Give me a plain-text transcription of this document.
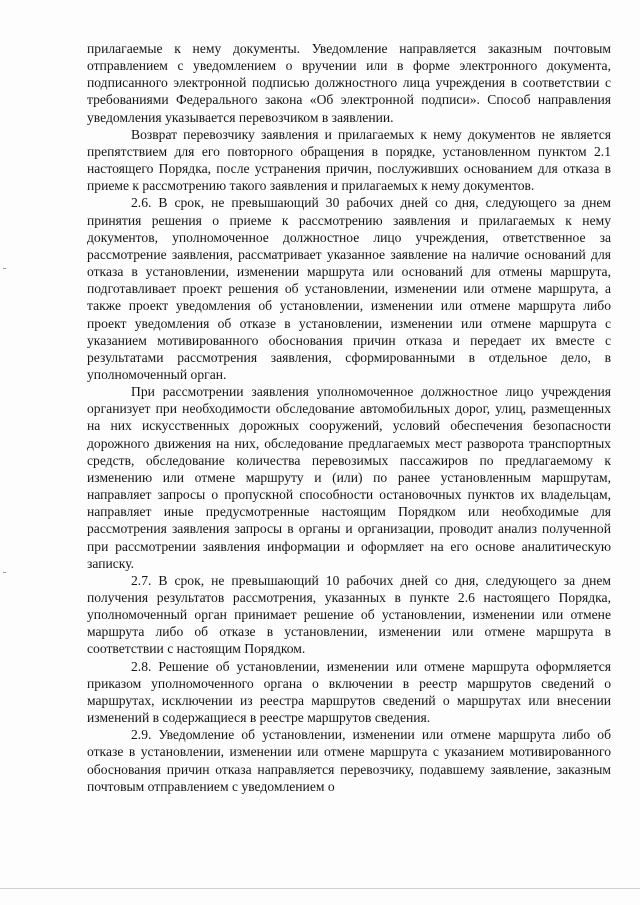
прилагаемые к нему документы. Уведомление направляется заказным почтовым отправлением с уведомлением о вручении или в форме электронного документа, подписанного электронной подписью должностного лица учреждения в соответствии с требованиями Федерального закона «Об электронной подписи». Способ направления уведомления указывается перевозчиком в заявлении.

Возврат перевозчику заявления и прилагаемых к нему документов не является препятствием для его повторного обращения в порядке, установленном пунктом 2.1 настоящего Порядка, после устранения причин, послуживших основанием для отказа в приеме к рассмотрению такого заявления и прилагаемых к нему документов.

2.6. В срок, не превышающий 30 рабочих дней со дня, следующего за днем принятия решения о приеме к рассмотрению заявления и прилагаемых к нему документов, уполномоченное должностное лицо учреждения, ответственное за рассмотрение заявления, рассматривает указанное заявление на наличие оснований для отказа в установлении, изменении маршрута или оснований для отмены маршрута, подготавливает проект решения об установлении, изменении или отмене маршрута, а также проект уведомления об установлении, изменении или отмене маршрута либо проект уведомления об отказе в установлении, изменении или отмене маршрута с указанием мотивированного обоснования причин отказа и передает их вместе с результатами рассмотрения заявления, сформированными в отдельное дело, в уполномоченный орган.

При рассмотрении заявления уполномоченное должностное лицо учреждения организует при необходимости обследование автомобильных дорог, улиц, размещенных на них искусственных дорожных сооружений, условий обеспечения безопасности дорожного движения на них, обследование предлагаемых мест разворота транспортных средств, обследование количества перевозимых пассажиров по предлагаемому к изменению или отмене маршруту и (или) по ранее установленным маршрутам, направляет запросы о пропускной способности остановочных пунктов их владельцам, направляет иные предусмотренные настоящим Порядком или необходимые для рассмотрения заявления запросы в органы и организации, проводит анализ полученной при рассмотрении заявления информации и оформляет на его основе аналитическую записку.

2.7. В срок, не превышающий 10 рабочих дней со дня, следующего за днем получения результатов рассмотрения, указанных в пункте 2.6 настоящего Порядка, уполномоченный орган принимает решение об установлении, изменении или отмене маршрута либо об отказе в установлении, изменении или отмене маршрута в соответствии с настоящим Порядком.

2.8. Решение об установлении, изменении или отмене маршрута оформляется приказом уполномоченного органа о включении в реестр маршрутов сведений о маршрутах, исключении из реестра маршрутов сведений о маршрутах или внесении изменений в содержащиеся в реестре маршрутов сведения.

2.9. Уведомление об установлении, изменении или отмене маршрута либо об отказе в установлении, изменении или отмене маршрута с указанием мотивированного обоснования причин отказа направляется перевозчику, подавшему заявление, заказным почтовым отправлением с уведомлением о
